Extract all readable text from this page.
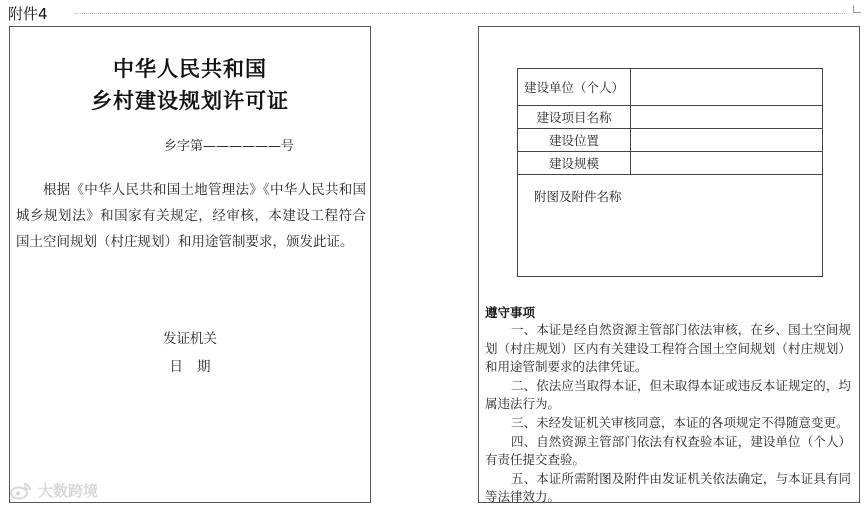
附件4
中华人民共和国
乡村建设规划许可证
乡字第——————号
根据《中华人民共和国土地管理法》《中华人民共和国城乡规划法》和国家有关规定，经审核，本建设工程符合国土空间规划（村庄规划）和用途管制要求，颁发此证。
发证机关
日期
建设单位（个人）	
建设项目名称	
建设位置	
建设规模	

附图及附件名称	
遵守事项

一、本证是经自然资源主管部门依法审核，在乡、国土空间规划（村庄规划）区内有关建设工程符合国土空间规划（村庄规划）和用途管制要求的法律凭证。

二、依法应当取得本证，但未取得本证或违反本证规定的，均属违法行为。

三、未经发证机关审核同意，本证的各项规定不得随意变更。

四、自然资源主管部门依法有权查验本证，建设单位（个人）有责任提交查验。

五、本证所需附图及附件由发证机关依法确定，与本证具有同等法律效力。

大数跨境
